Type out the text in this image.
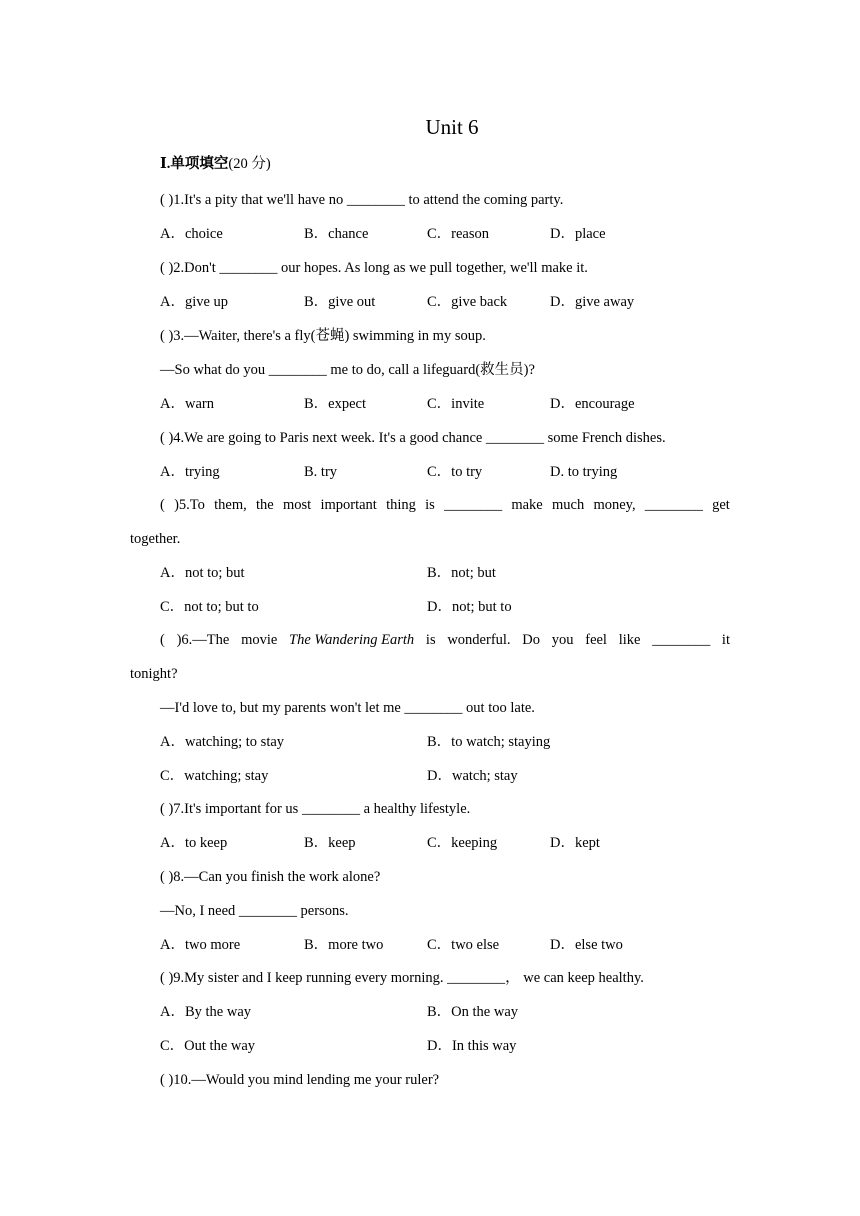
Unit 6
Ⅰ.单项填空(20 分)
( )1.It's a pity that we'll have no ________ to attend the coming party.
A．choice	B．chance	C．reason	D．place
( )2.Don't ________ our hopes. As long as we pull together, we'll make it.
A．give up	B．give out	C．give back	D．give away
( )3.—Waiter, there's a fly(苍蝇) swimming in my soup.
—So what do you ________ me to do, call a lifeguard(救生员)?
A．warn	B．expect	C．invite	D．encourage
( )4.We are going to Paris next week. It's a good chance ________ some French dishes.
A．trying	B. try	C．to try	D. to trying
( )5.To them, the most important thing is ________ make much money, ________ get
together.
A．not to; but	B．not; but
C．not to; but to	D．not; but to
( )6.—The movie The Wandering Earth is wonderful. Do you feel like ________ it
tonight?
—I'd love to, but my parents won't let me ________ out too late.
A．watching; to stay	B．to watch; staying
C．watching; stay	D．watch; stay
( )7.It's important for us ________ a healthy lifestyle.
A．to keep	B．keep	C．keeping	D．kept
( )8.—Can you finish the work alone?
—No, I need ________ persons.
A．two more	B．more two	C．two else	D．else two
( )9.My sister and I keep running every morning. ________， we can keep healthy.
A．By the way	B．On the way
C．Out the way	D．In this way
( )10.—Would you mind lending me your ruler?
